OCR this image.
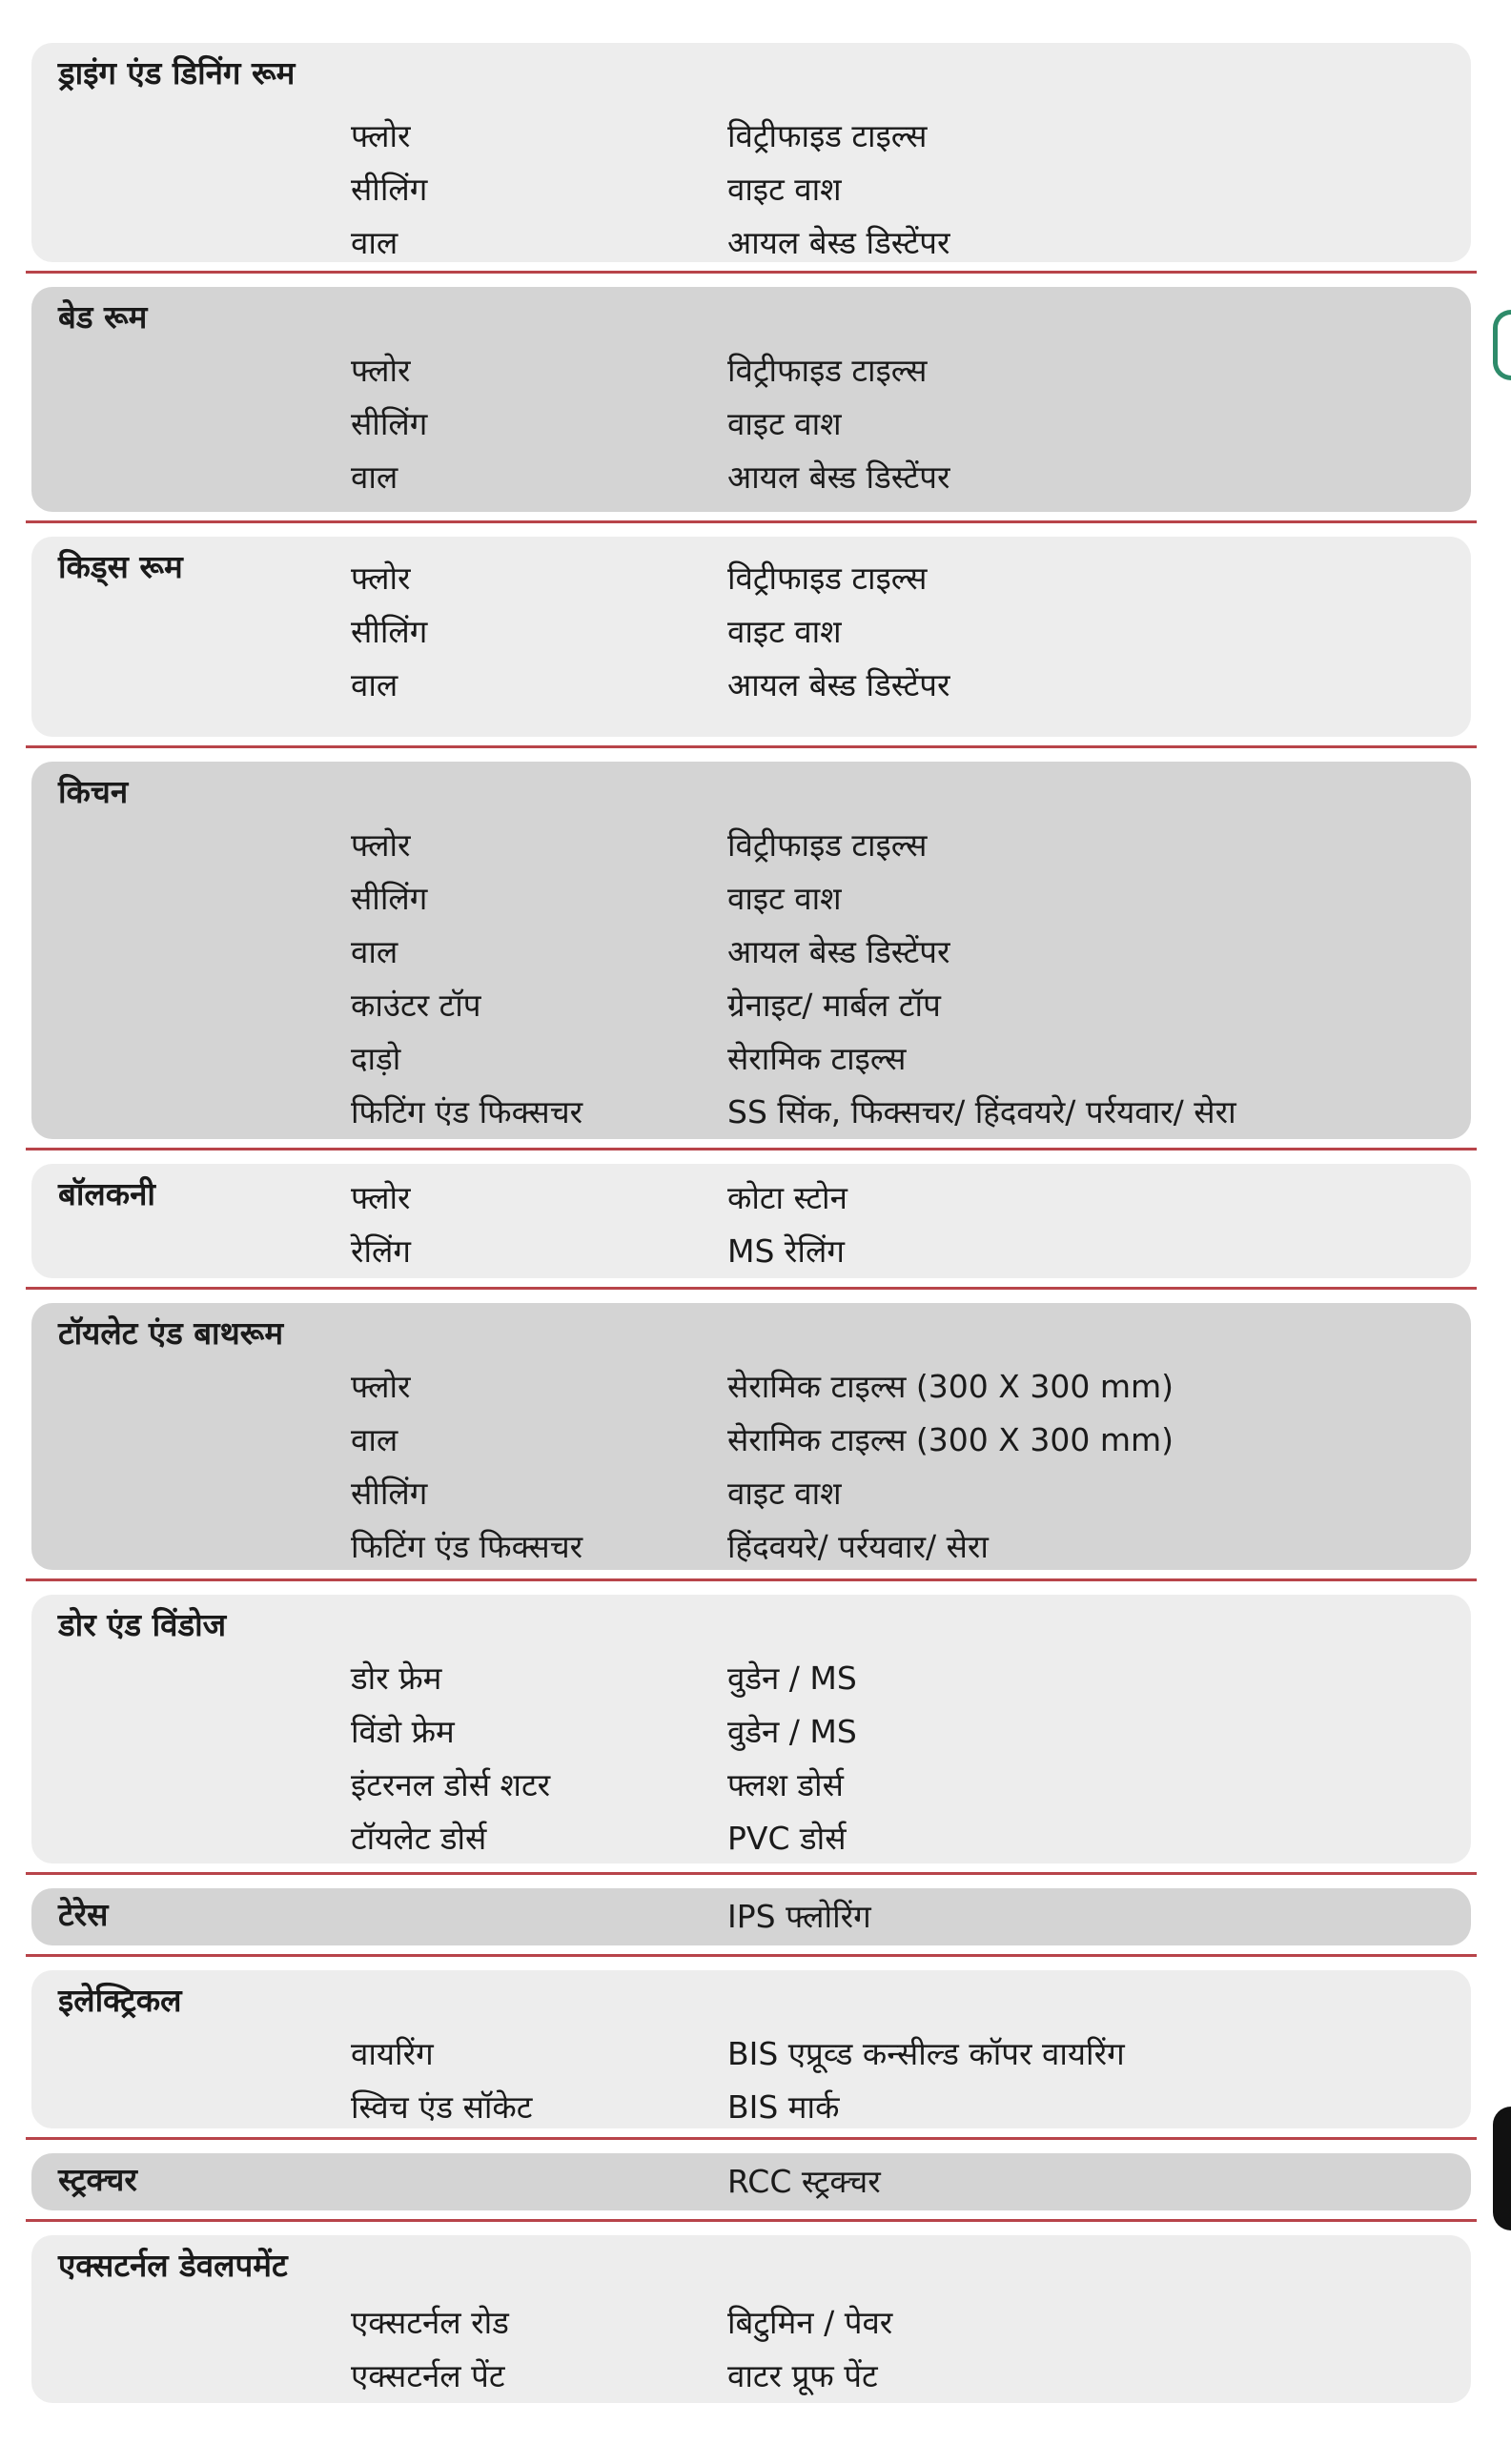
ड्राइंग एंड डिनिंग रूम
फ्लोर	विट्रीफाइड टाइल्स
सीलिंग	वाइट वाश
वाल	आयल बेस्ड डिस्टेंपर
बेड रूम
फ्लोर	विट्रीफाइड टाइल्स
सीलिंग	वाइट वाश
वाल	आयल बेस्ड डिस्टेंपर
किड्स रूम	फ्लोर	विट्रीफाइड टाइल्स
सीलिंग	वाइट वाश
वाल	आयल बेस्ड डिस्टेंपर
किचन
फ्लोर	विट्रीफाइड टाइल्स
सीलिंग	वाइट वाश
वाल	आयल बेस्ड डिस्टेंपर
काउंटर टॉप	ग्रेनाइट/ मार्बल टॉप
दाड़ो	सेरामिक टाइल्स
फिटिंग एंड फिक्सचर	SS सिंक, फिक्सचर/ हिंदवयरे/ पर्रयवार/ सेरा
बॉलकनी	फ्लोर	कोटा स्‍टोन
रेलिंग	MS रेलिंग
टॉयलेट एंड बाथरूम
फ्लोर	सेरामिक टाइल्स (300 X 300 mm)
वाल	सेरामिक टाइल्स (300 X 300 mm)
सीलिंग	वाइट वाश
फिटिंग एंड फिक्सचर	हिंदवयरे/ पर्रयवार/ सेरा
डोर एंड विंडोज
डोर फ्रेम	वुडेन / MS
विंडो फ्रेम	वुडेन / MS
इंटरनल डोर्स शटर	फ्लश डोर्स
टॉयलेट डोर्स	PVC डोर्स
टेरेस	IPS फ्लोरिंग
इलेक्ट्रिकल
वायरिंग	BIS एप्रूव्ड कन्सील्ड कॉपर वायरिंग
स्विच एंड सॉकेट	BIS मार्क
स्ट्रक्चर	RCC स्ट्रक्चर
एक्सटर्नल डेवलपमेंट
एक्सटर्नल रोड	बिटुमिन / पेवर
एक्सटर्नल पेंट	वाटर प्रूफ पेंट
